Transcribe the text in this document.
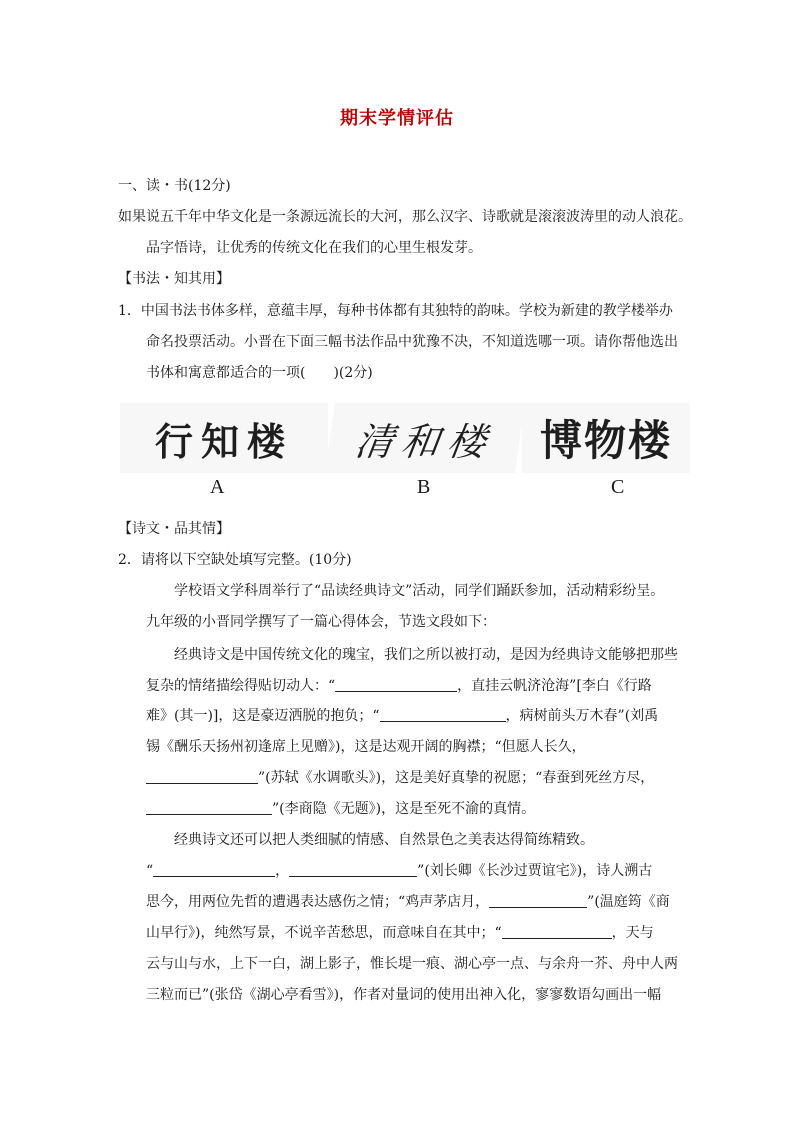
期末学情评估
一、读・书(12分)
如果说五千年中华文化是一条源远流长的大河，那么汉字、诗歌就是滚滚波涛里的动人浪花。
品字悟诗，让优秀的传统文化在我们的心里生根发芽。
【书法・知其用】
1．中国书法书体多样，意蕴丰厚，每种书体都有其独特的韵味。学校为新建的教学楼举办
命名投票活动。小晋在下面三幅书法作品中犹豫不决，不知道选哪一项。请你帮他选出
书体和寓意都适合的一项(　　)(2分)
行知楼 清和楼 博物楼
A	B	C
【诗文・品其情】
2．请将以下空缺处填写完整。(10分)
学校语文学科周举行了“品读经典诗文”活动，同学们踊跃参加，活动精彩纷呈。
九年级的小晋同学撰写了一篇心得体会，节选文段如下：
经典诗文是中国传统文化的瑰宝，我们之所以被打动，是因为经典诗文能够把那些
复杂的情绪描绘得贴切动人：“	，直挂云帆济沧海”[李白《行路
难》(其一)]，这是豪迈洒脱的抱负；“	，病树前头万木春”(刘禹
锡《酬乐天扬州初逢席上见赠》)，这是达观开阔的胸襟；“但愿人长久，
”(苏轼《水调歌头》)，这是美好真挚的祝愿；“春蚕到死丝方尽，
”(李商隐《无题》)，这是至死不渝的真情。
经典诗文还可以把人类细腻的情感、自然景色之美表达得简练精致。
“	，	”(刘长卿《长沙过贾谊宅》)，诗人溯古
思今，用两位先哲的遭遇表达感伤之情；“鸡声茅店月，	”(温庭筠《商
山早行》)，纯然写景，不说辛苦愁思，而意味自在其中；“	，天与
云与山与水，上下一白，湖上影子，惟长堤一痕、湖心亭一点、与余舟一芥、舟中人两
三粒而已”(张岱《湖心亭看雪》)，作者对量词的使用出神入化，寥寥数语勾画出一幅
